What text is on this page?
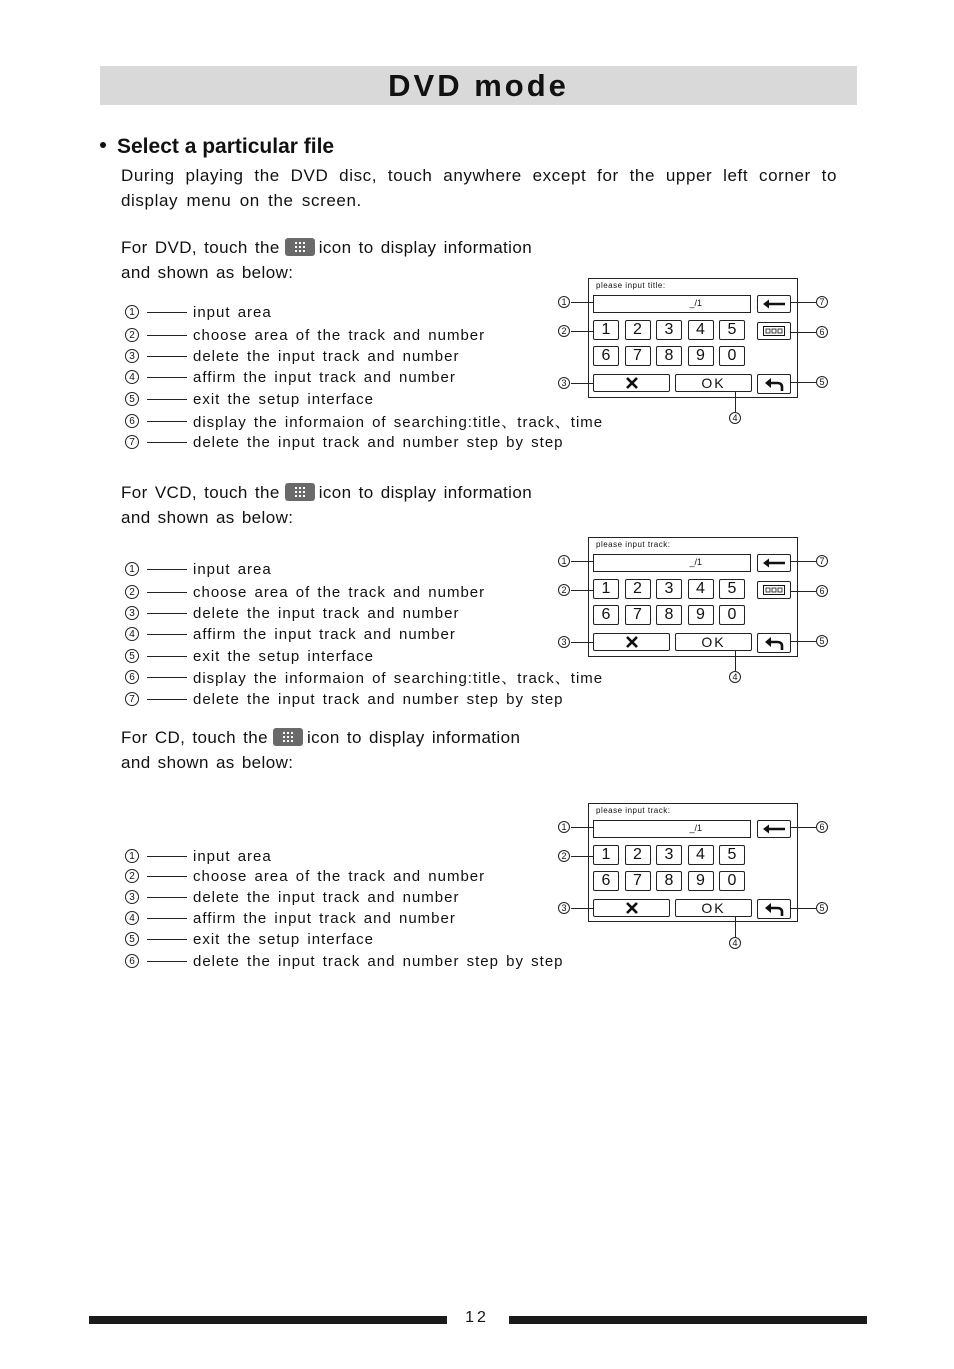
DVD mode
Select a particular file
During playing the DVD disc, touch anywhere except for the upper left corner to display menu on the screen.
For DVD, touch the icon to display information
and shown as below:
1	input area
2	choose area of the track and number
3	delete the input track and number
4	affirm the input track and number
5	exit the setup interface
6	display the informaion of searching:title、track、time
7	delete the input track and number step by step
please input title:
_/1
1	2	3	4	5
6	7	8	9	0
OK
1
2
3
4
7
6
5
For VCD, touch the icon to display information
and shown as below:
1	input area
2	choose area of the track and number
3	delete the input track and number
4	affirm the input track and number
5	exit the setup interface
6	display the informaion of searching:title、track、time
7	delete the input track and number step by step
please input track:
_/1
1	2	3	4	5
6	7	8	9	0
OK
1
2
3
4
7
6
5
For CD, touch the icon to display information
and shown as below:
1	input area
2	choose area of the track and number
3	delete the input track and number
4	affirm the input track and number
5	exit the setup interface
6	delete the input track and number step by step
please input track:
_/1
1	2	3	4	5
6	7	8	9	0
OK
1
2
3
4
6
5
12
